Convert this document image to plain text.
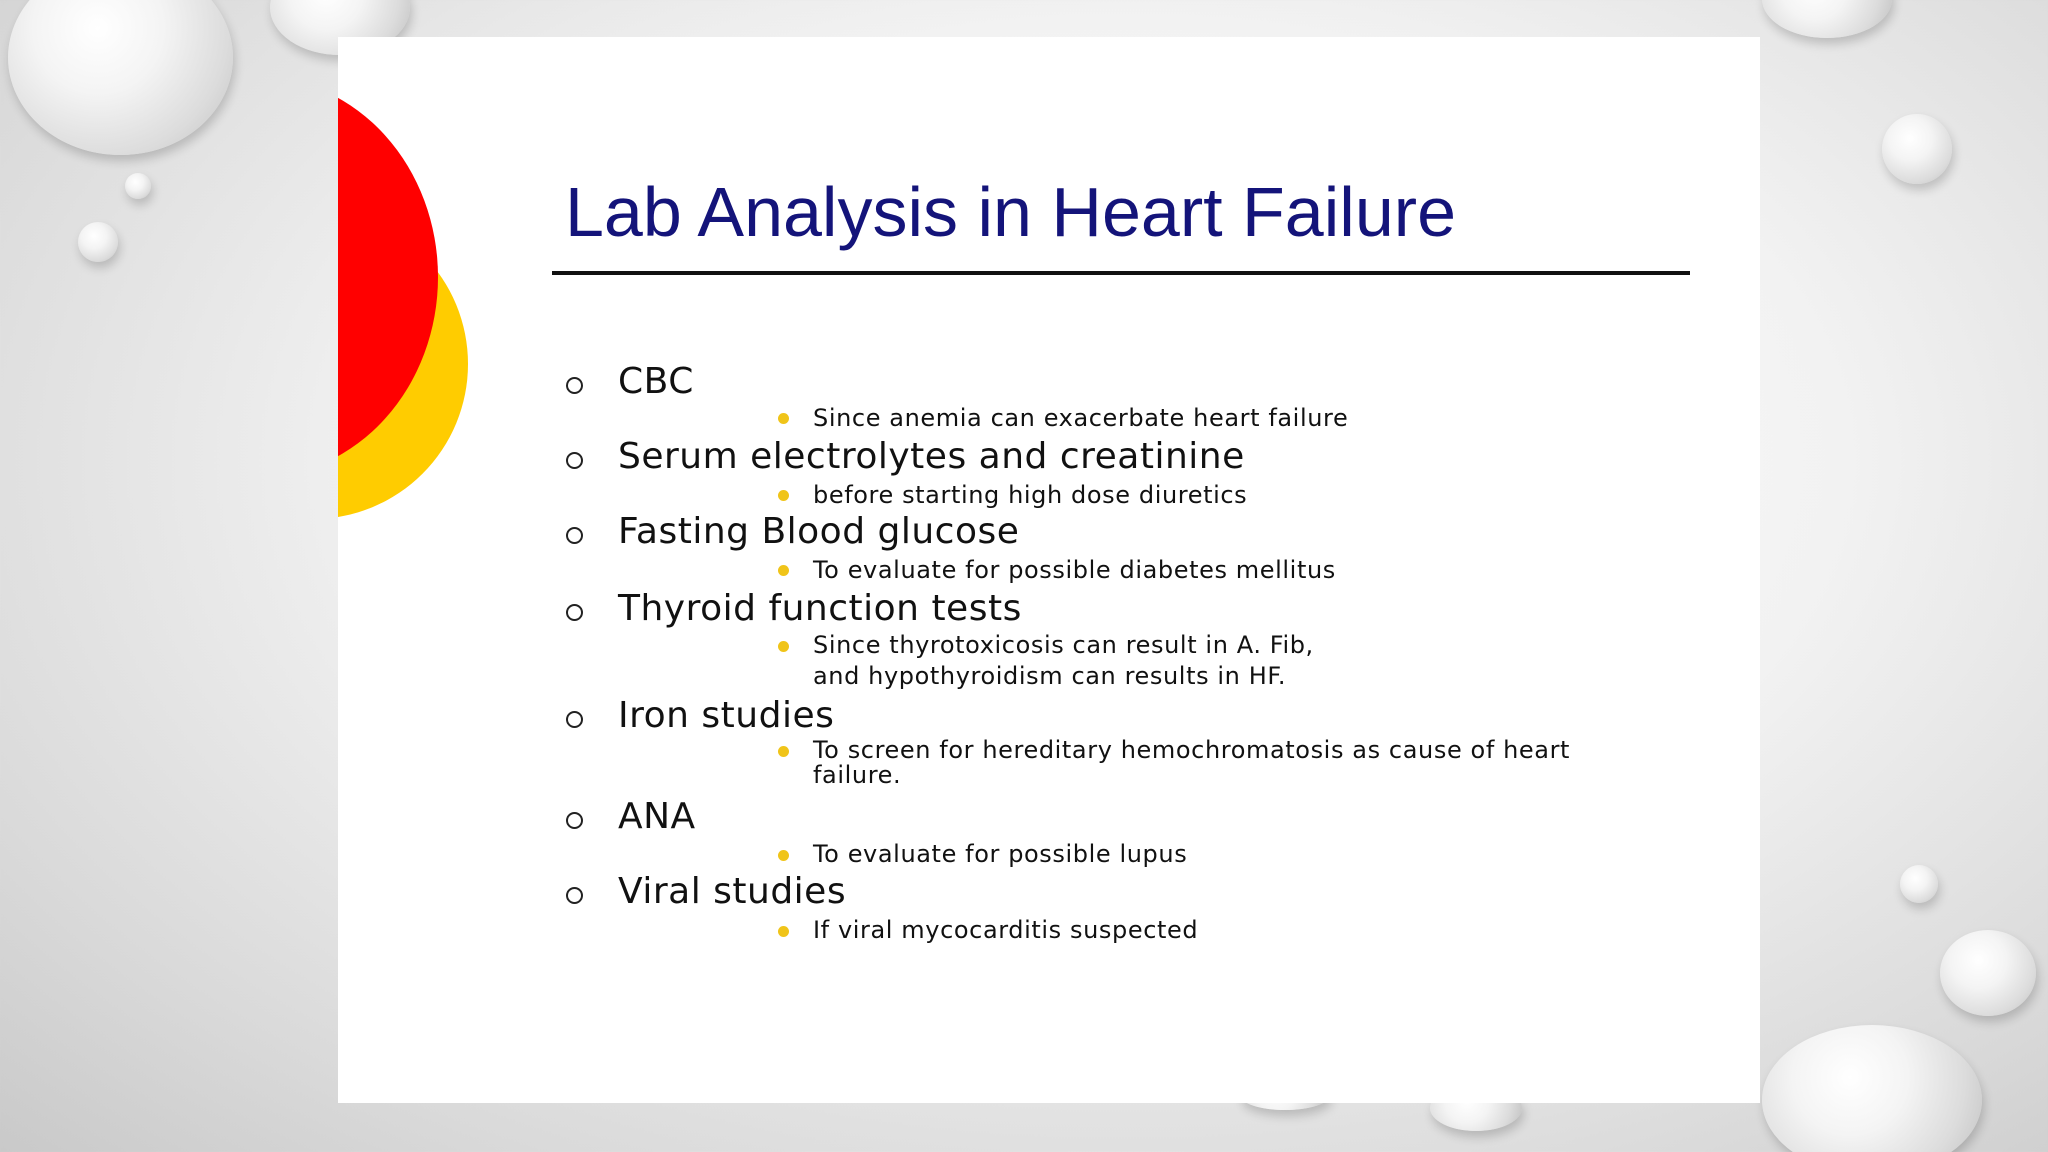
Lab Analysis in Heart Failure
CBC
Since anemia can exacerbate heart failure
Serum electrolytes and creatinine
before starting high dose diuretics
Fasting Blood glucose
To evaluate for possible diabetes mellitus
Thyroid function tests
Since thyrotoxicosis can result in A. Fib,
and hypothyroidism can results in HF.
Iron studies
To screen for hereditary hemochromatosis as cause of heart
failure.
ANA
To evaluate for possible lupus
Viral studies
If viral mycocarditis suspected
